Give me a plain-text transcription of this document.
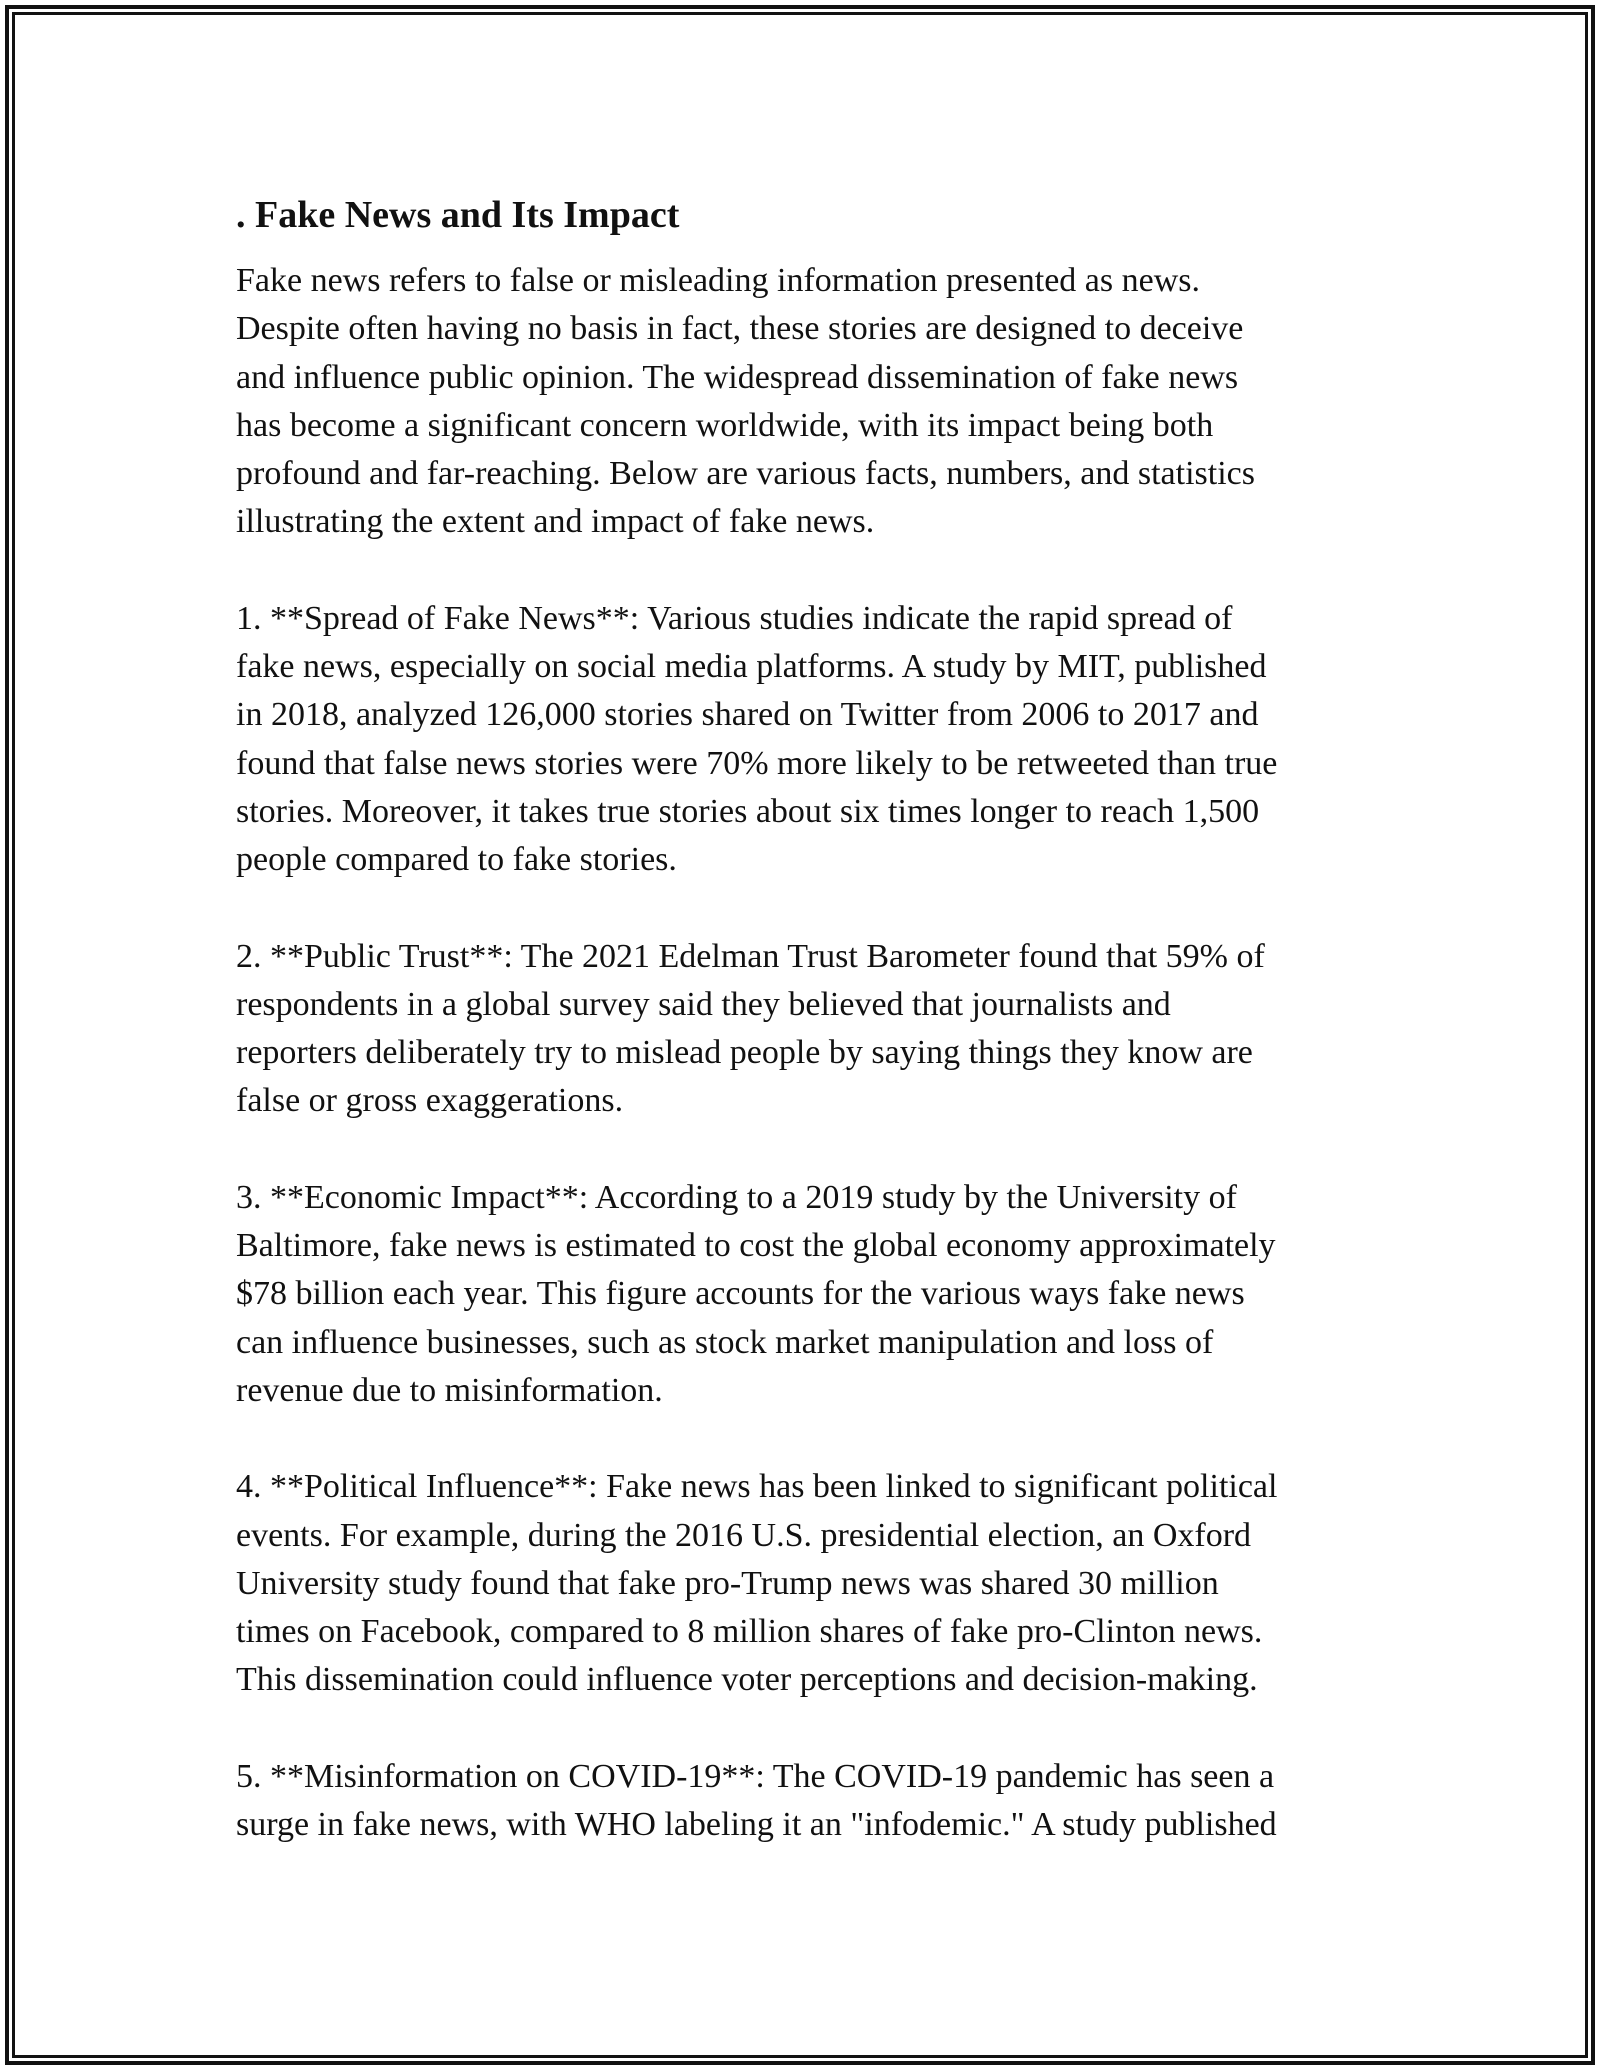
. Fake News and Its Impact

Fake news refers to false or misleading information presented as news.
Despite often having no basis in fact, these stories are designed to deceive
and influence public opinion. The widespread dissemination of fake news
has become a significant concern worldwide, with its impact being both
profound and far-reaching. Below are various facts, numbers, and statistics
illustrating the extent and impact of fake news.

1. **Spread of Fake News**: Various studies indicate the rapid spread of
fake news, especially on social media platforms. A study by MIT, published
in 2018, analyzed 126,000 stories shared on Twitter from 2006 to 2017 and
found that false news stories were 70% more likely to be retweeted than true
stories. Moreover, it takes true stories about six times longer to reach 1,500
people compared to fake stories.

2. **Public Trust**: The 2021 Edelman Trust Barometer found that 59% of
respondents in a global survey said they believed that journalists and
reporters deliberately try to mislead people by saying things they know are
false or gross exaggerations.

3. **Economic Impact**: According to a 2019 study by the University of
Baltimore, fake news is estimated to cost the global economy approximately
$78 billion each year. This figure accounts for the various ways fake news
can influence businesses, such as stock market manipulation and loss of
revenue due to misinformation.

4. **Political Influence**: Fake news has been linked to significant political
events. For example, during the 2016 U.S. presidential election, an Oxford
University study found that fake pro-Trump news was shared 30 million
times on Facebook, compared to 8 million shares of fake pro-Clinton news.
This dissemination could influence voter perceptions and decision-making.

5. **Misinformation on COVID-19**: The COVID-19 pandemic has seen a
surge in fake news, with WHO labeling it an "infodemic." A study published
